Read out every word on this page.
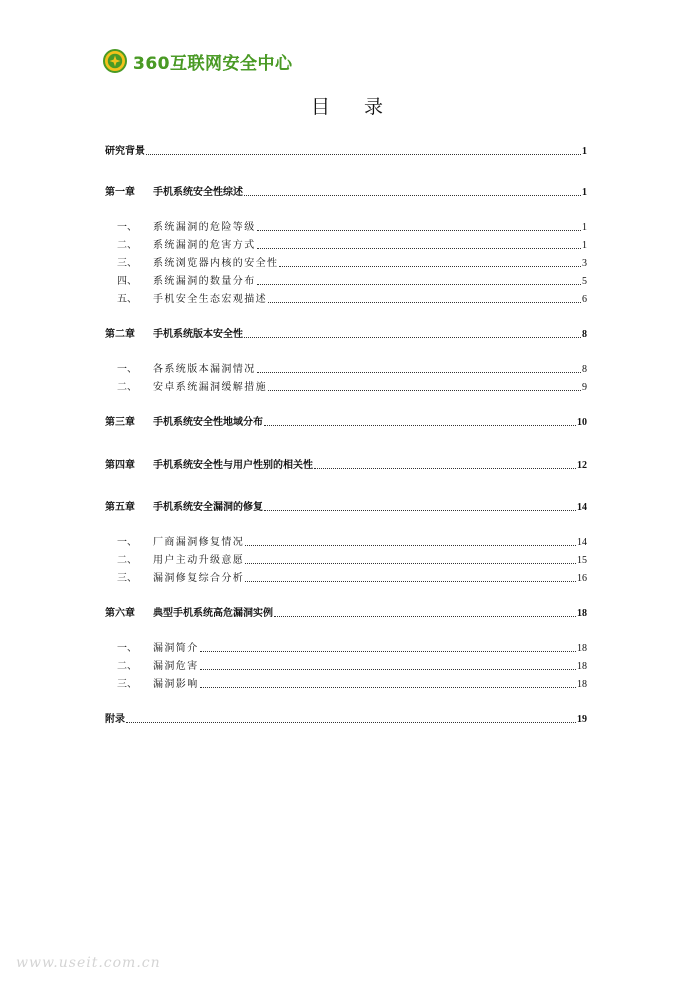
360互联网安全中心
目录
研究背景	1
第一章	手机系统安全性综述	1
一、	系统漏洞的危险等级	1
二、	系统漏洞的危害方式	1
三、	系统浏览器内核的安全性	3
四、	系统漏洞的数量分布	5
五、	手机安全生态宏观描述	6
第二章	手机系统版本安全性	8
一、	各系统版本漏洞情况	8
二、	安卓系统漏洞缓解措施	9
第三章	手机系统安全性地域分布	10
第四章	手机系统安全性与用户性别的相关性	12
第五章	手机系统安全漏洞的修复	14
一、	厂商漏洞修复情况	14
二、	用户主动升级意愿	15
三、	漏洞修复综合分析	16
第六章	典型手机系统高危漏洞实例	18
一、	漏洞简介	18
二、	漏洞危害	18
三、	漏洞影响	18
附录	19
www.useit.com.cn
